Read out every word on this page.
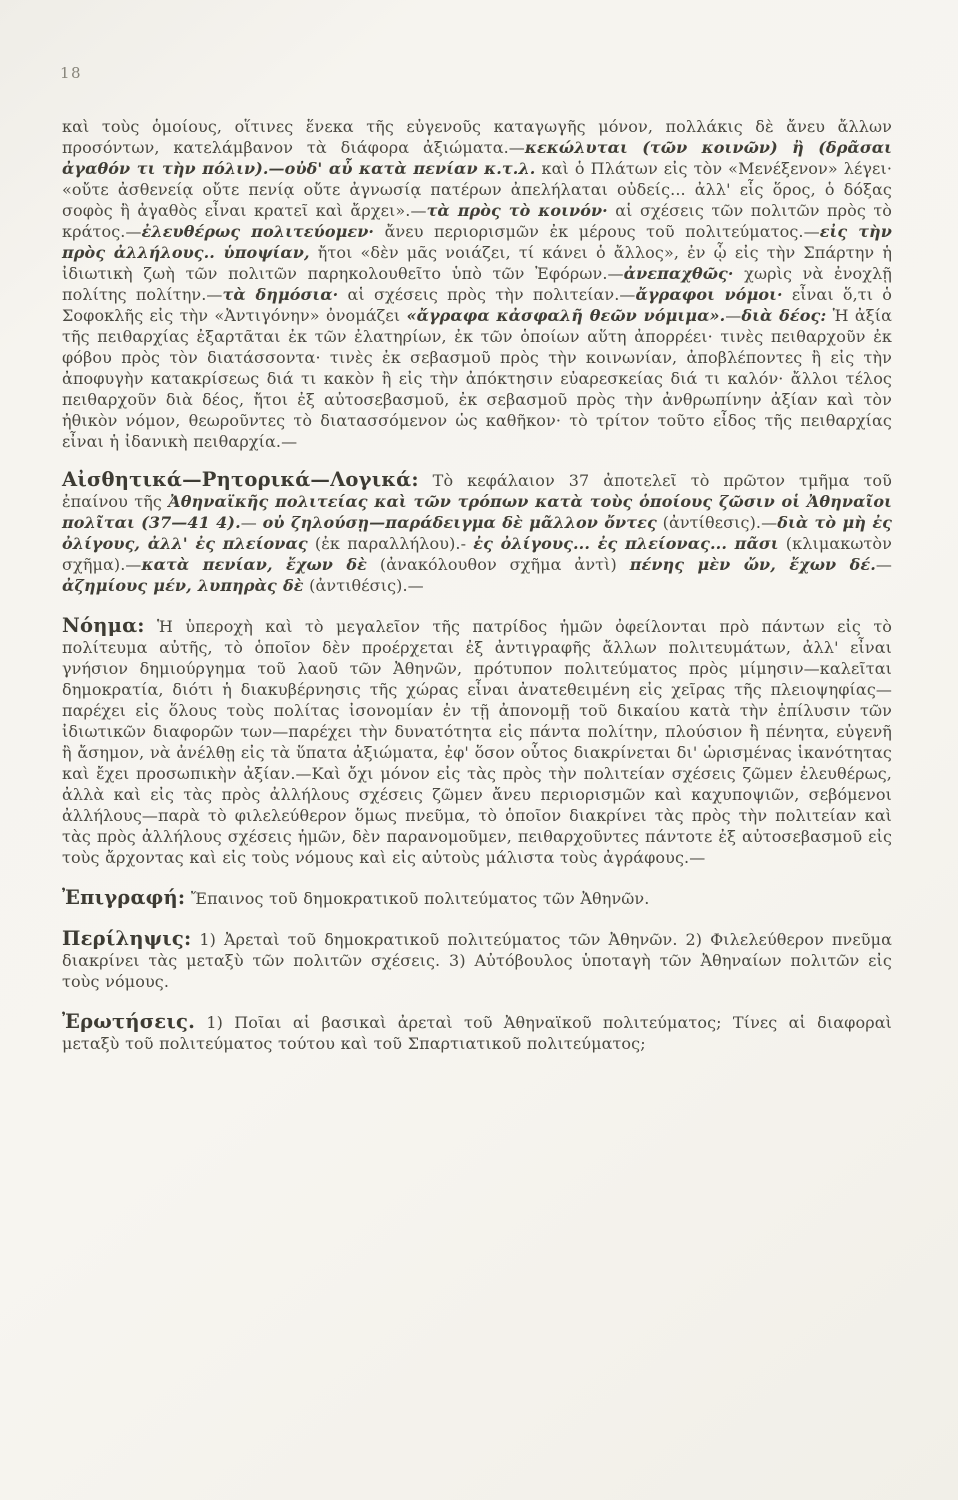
18

καὶ τοὺς ὁμοίους, οἵτινες ἕνεκα τῆς εὐγενοῦς καταγωγῆς μόνον, πολλάκις δὲ ἄνευ ἄλλων προσόντων, κατελάμβανον τὰ διάφορα ἀξιώματα.—κεκώλυται (τῶν κοινῶν) ἢ (δρᾶσαι ἀγαθόν τι τὴν πόλιν).—οὐδ' αὖ κατὰ πενίαν κ.τ.λ. καὶ ὁ Πλάτων εἰς τὸν «Μενέξενον» λέγει· «οὔτε ἀσθενείᾳ οὔτε πενίᾳ οὔτε ἀγνωσίᾳ πατέρων ἀπελήλαται οὐδείς... ἀλλ' εἷς ὅρος, ὁ δόξας σοφὸς ἢ ἀγαθὸς εἶναι κρατεῖ καὶ ἄρχει».—τὰ πρὸς τὸ κοινόν· αἱ σχέσεις τῶν πολιτῶν πρὸς τὸ κράτος.—ἐλευθέρως πολιτεύομεν· ἄνευ περιορισμῶν ἐκ μέρους τοῦ πολιτεύματος.—εἰς τὴν πρὸς ἀλλήλους.. ὑποψίαν, ἤτοι «δὲν μᾶς νοιάζει, τί κάνει ὁ ἄλλος», ἐν ᾧ εἰς τὴν Σπάρτην ἡ ἰδιωτικὴ ζωὴ τῶν πολιτῶν παρηκολουθεῖτο ὑπὸ τῶν Ἐφόρων.—ἀνεπαχθῶς· χωρὶς νὰ ἐνοχλῇ πολίτης πολίτην.—τὰ δημόσια· αἱ σχέσεις πρὸς τὴν πολιτείαν.—ἄγραφοι νόμοι· εἶναι ὅ,τι ὁ Σοφοκλῆς εἰς τὴν «Ἀντιγόνην» ὀνομάζει «ἄγραφα κἀσφαλῆ θεῶν νόμιμα».—διὰ δέος: Ἡ ἀξία τῆς πειθαρχίας ἐξαρτᾶται ἐκ τῶν ἐλατηρίων, ἐκ τῶν ὁποίων αὕτη ἀπορρέει· τινὲς πειθαρχοῦν ἐκ φόβου πρὸς τὸν διατάσσοντα· τινὲς ἐκ σεβασμοῦ πρὸς τὴν κοινωνίαν, ἀποβλέποντες ἢ εἰς τὴν ἀποφυγὴν κατακρίσεως διά τι κακὸν ἢ εἰς τὴν ἀπόκτησιν εὐαρεσκείας διά τι καλόν· ἄλλοι τέλος πειθαρχοῦν διὰ δέος, ἤτοι ἐξ αὐτοσεβασμοῦ, ἐκ σεβασμοῦ πρὸς τὴν ἀνθρωπίνην ἀξίαν καὶ τὸν ἠθικὸν νόμον, θεωροῦντες τὸ διατασσόμενον ὡς καθῆκον· τὸ τρίτον τοῦτο εἶδος τῆς πειθαρχίας εἶναι ἡ ἰδανικὴ πειθαρχία.—

Αἰσθητικά—Ρητορικά—Λογικά: Τὸ κεφάλαιον 37 ἀποτελεῖ τὸ πρῶτον τμῆμα τοῦ ἐπαίνου τῆς Ἀθηναϊκῆς πολιτείας καὶ τῶν τρόπων κατὰ τοὺς ὁποίους ζῶσιν οἱ Ἀθηναῖοι πολῖται (37—41 4).— οὐ ζηλούσῃ—παράδειγμα δὲ μᾶλλον ὄντες (ἀντίθεσις).—διὰ τὸ μὴ ἐς ὀλίγους, ἀλλ' ἐς πλείονας (ἐκ παραλλήλου).- ἐς ὀλίγους... ἐς πλείονας... πᾶσι (κλιμακωτὸν σχῆμα).—κατὰ πενίαν, ἔχων δὲ (ἀνακόλουθον σχῆμα ἀντὶ) πένης μὲν ὤν, ἔχων δέ.—ἀζημίους μέν, λυπηρὰς δὲ (ἀντιθέσις).—

Νόημα: Ἡ ὑπεροχὴ καὶ τὸ μεγαλεῖον τῆς πατρίδος ἡμῶν ὀφείλονται πρὸ πάντων εἰς τὸ πολίτευμα αὐτῆς, τὸ ὁποῖον δὲν προέρχεται ἐξ ἀντιγραφῆς ἄλλων πολιτευμάτων, ἀλλ' εἶναι γνήσιον δημιούργημα τοῦ λαοῦ τῶν Ἀθηνῶν, πρότυπον πολιτεύματος πρὸς μίμησιν—καλεῖται δημοκρατία, διότι ἡ διακυβέρνησις τῆς χώρας εἶναι ἀνατεθειμένη εἰς χεῖρας τῆς πλειοψηφίας—παρέχει εἰς ὅλους τοὺς πολίτας ἰσονομίαν ἐν τῇ ἀπονομῇ τοῦ δικαίου κατὰ τὴν ἐπίλυσιν τῶν ἰδιωτικῶν διαφορῶν των—παρέχει τὴν δυνατότητα εἰς πάντα πολίτην, πλούσιον ἢ πένητα, εὐγενῆ ἢ ἄσημον, νὰ ἀνέλθῃ εἰς τὰ ὕπατα ἀξιώματα, ἐφ' ὅσον οὗτος διακρίνεται δι' ὡρισμένας ἱκανότητας καὶ ἔχει προσωπικὴν ἀξίαν.—Καὶ ὄχι μόνον εἰς τὰς πρὸς τὴν πολιτείαν σχέσεις ζῶμεν ἐλευθέρως, ἀλλὰ καὶ εἰς τὰς πρὸς ἀλλήλους σχέσεις ζῶμεν ἄνευ περιορισμῶν καὶ καχυποψιῶν, σεβόμενοι ἀλλήλους—παρὰ τὸ φιλελεύθερον ὅμως πνεῦμα, τὸ ὁποῖον διακρίνει τὰς πρὸς τὴν πολιτείαν καὶ τὰς πρὸς ἀλλήλους σχέσεις ἡμῶν, δὲν παρανομοῦμεν, πειθαρχοῦντες πάντοτε ἐξ αὐτοσεβασμοῦ εἰς τοὺς ἄρχοντας καὶ εἰς τοὺς νόμους καὶ εἰς αὐτοὺς μάλιστα τοὺς ἀγράφους.—

Ἐπιγραφή: Ἔπαινος τοῦ δημοκρατικοῦ πολιτεύματος τῶν Ἀθηνῶν.

Περίληψις: 1) Ἀρεταὶ τοῦ δημοκρατικοῦ πολιτεύματος τῶν Ἀθηνῶν. 2) Φιλελεύθερον πνεῦμα διακρίνει τὰς μεταξὺ τῶν πολιτῶν σχέσεις. 3) Αὐτόβουλος ὑποταγὴ τῶν Ἀθηναίων πολιτῶν εἰς τοὺς νόμους.

Ἐρωτήσεις. 1) Ποῖαι αἱ βασικαὶ ἀρεταὶ τοῦ Ἀθηναϊκοῦ πολιτεύματος; Τίνες αἱ διαφοραὶ μεταξὺ τοῦ πολιτεύματος τούτου καὶ τοῦ Σπαρτιατικοῦ πολιτεύματος;
